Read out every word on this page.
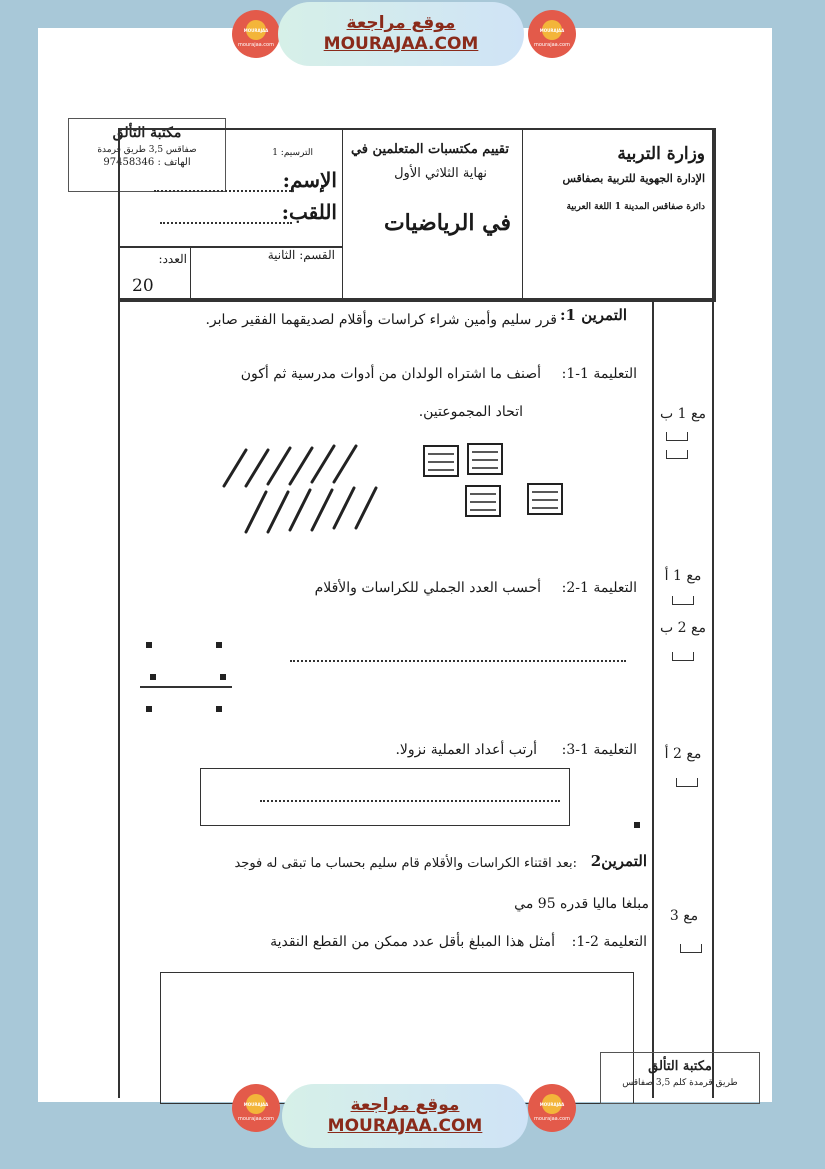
MOURAJAA
mourajaa.com
موقع مراجعة
MOURAJAA.COM
MOURAJAA
mourajaa.com
مكتبة التألق
صفاقس 3,5 طريق قرمدة
الهاتف : 97458346	وزارة التربية
الإدارة الجهوية للتربية بصفاقس
دائرة صفاقس المدينة 1 اللغة العربية
تقييم مكتسبات المتعلمين في
نهاية الثلاثي الأول
في الرياضيات
الترسيم: 1
الإسم:
اللقب:
القسم: الثانية
العدد:
20
التمرين 1:
قرر سليم وأمين شراء كراسات وأقلام لصديقهما الفقير صابر.
التعليمة 1-1:
أصنف ما اشتراه الولدان من أدوات مدرسية ثم أكون
اتحاد المجموعتين.
التعليمة 1-2:
أحسب العدد الجملي للكراسات والأقلام
التعليمة 1-3:
أرتب أعداد العملية نزولا.
التمرين2
:بعد اقتناء الكراسات والأقلام قام سليم بحساب ما تبقى له فوجد
مبلغا ماليا قدره 95 مي
التعليمة 2-1:
أمثل هذا المبلغ بأقل عدد ممكن من القطع النقدية
مع 1 ب
مع 1 أ
مع 2 ب
مع 2 أ
مع 3
مكتبة التألق
طريق قرمدة كلم 3,5 صفاقس
MOURAJAA
mourajaa.com
موقع مراجعة
MOURAJAA.COM
MOURAJAA
mourajaa.com
